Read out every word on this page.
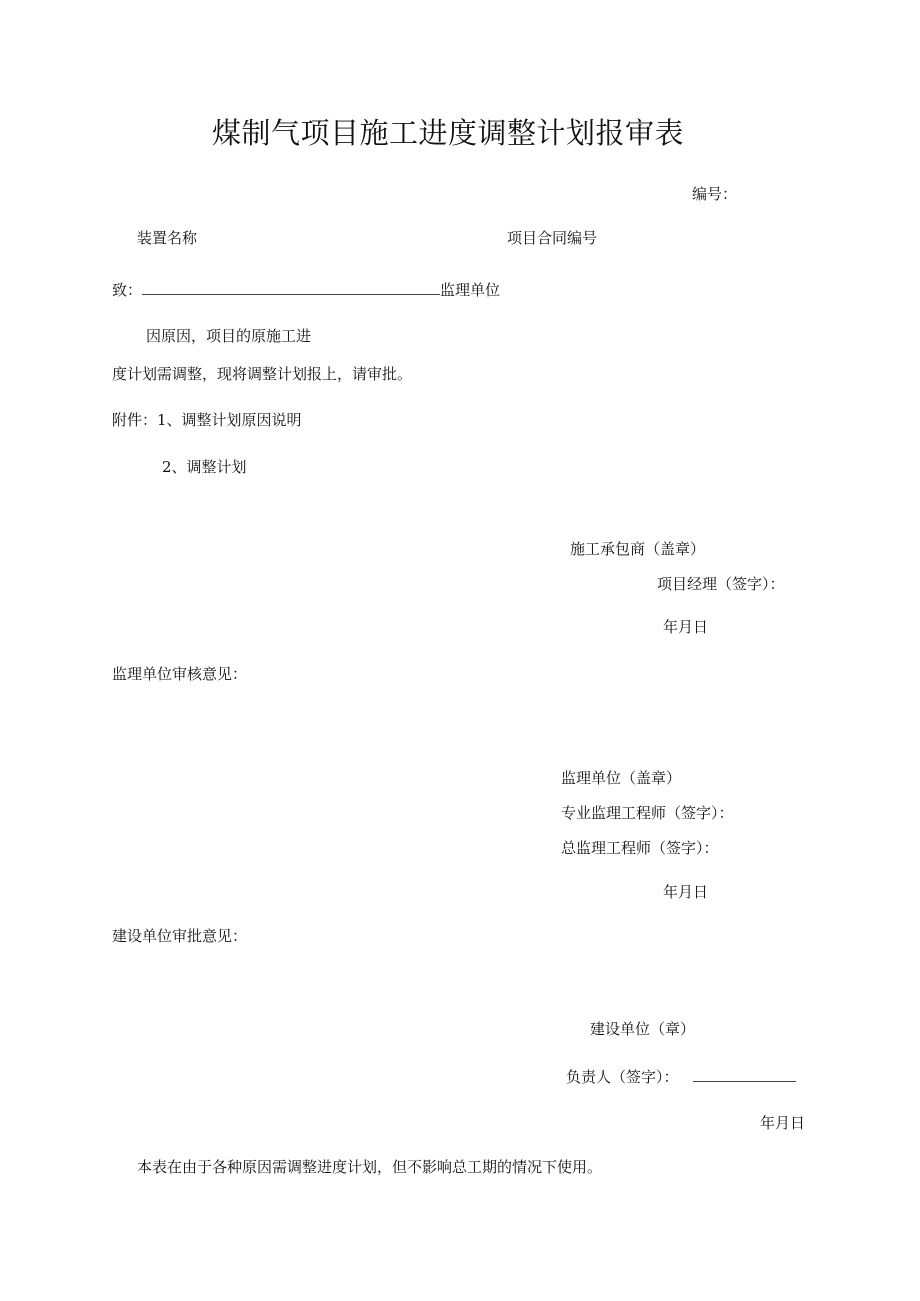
煤制气项目施工进度调整计划报审表
编号：
装置名称	项目合同编号
致：	监理单位
因原因，项目的原施工进
度计划需调整，现将调整计划报上，请审批。
附件：1、调整计划原因说明
2、调整计划
施工承包商（盖章）
项目经理（签字）：
年月日
监理单位审核意见：
监理单位（盖章）
专业监理工程师（签字）：
总监理工程师（签字）：
年月日
建设单位审批意见：
建设单位（章）
负责人（签字）：
年月日
本表在由于各种原因需调整进度计划，但不影响总工期的情况下使用。
